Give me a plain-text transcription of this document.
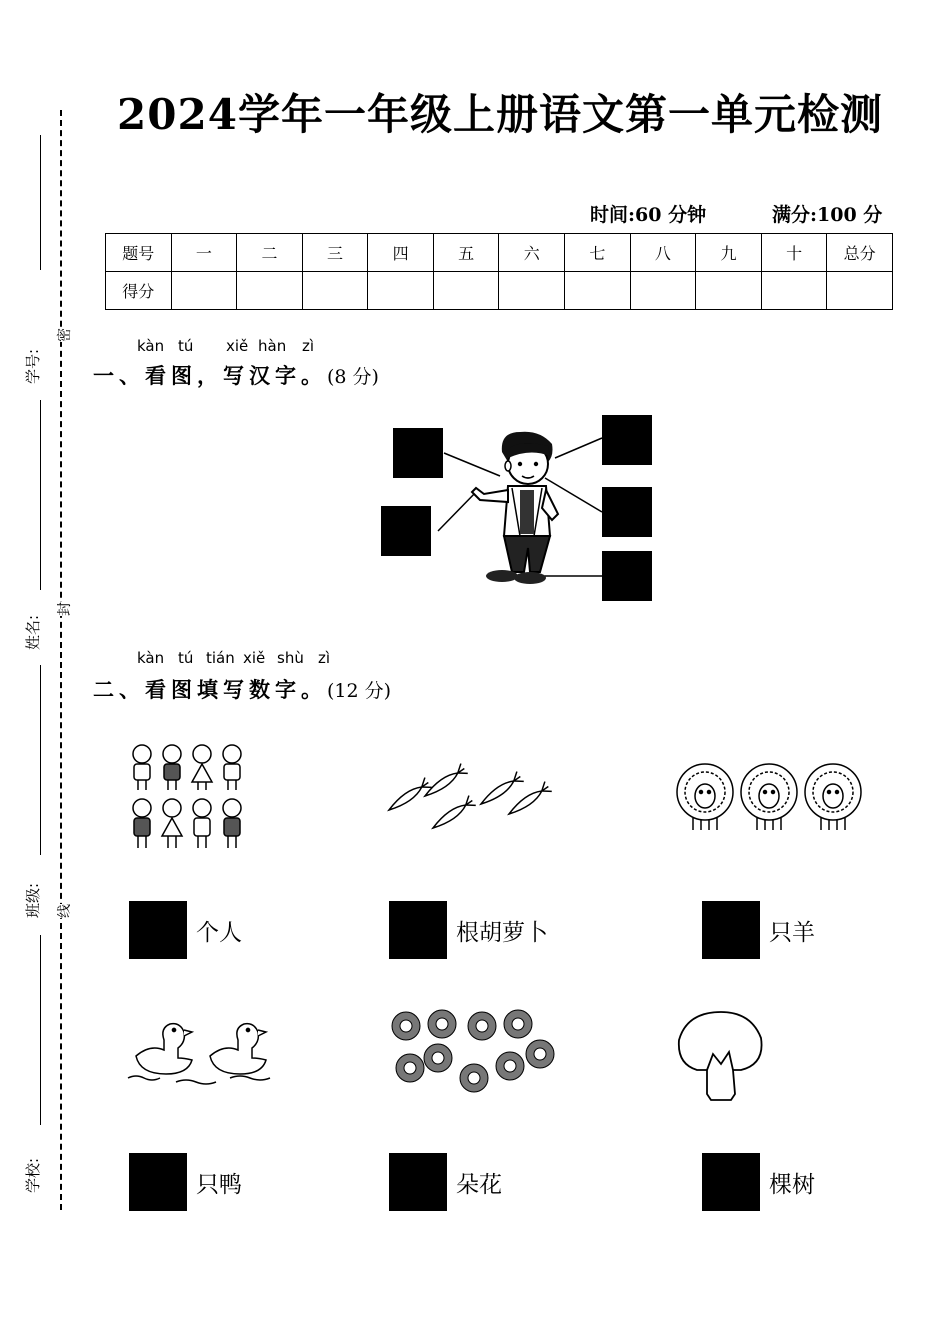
学号:
姓名:
班级:
学校:
密
封
线
2024学年一年级上册语文第一单元检测
时间:60 分钟	满分:100 分
题号	一	二	三	四	五	六	七	八	九	十	总分
得分											
kàn tú xiě hàn zì
一、看图，写汉字。(8 分)
足
kàn tú tián xiě shù zì
二、看图填写数字。(12 分)
个人	根胡萝卜	只羊
只鸭	朵花	棵树
